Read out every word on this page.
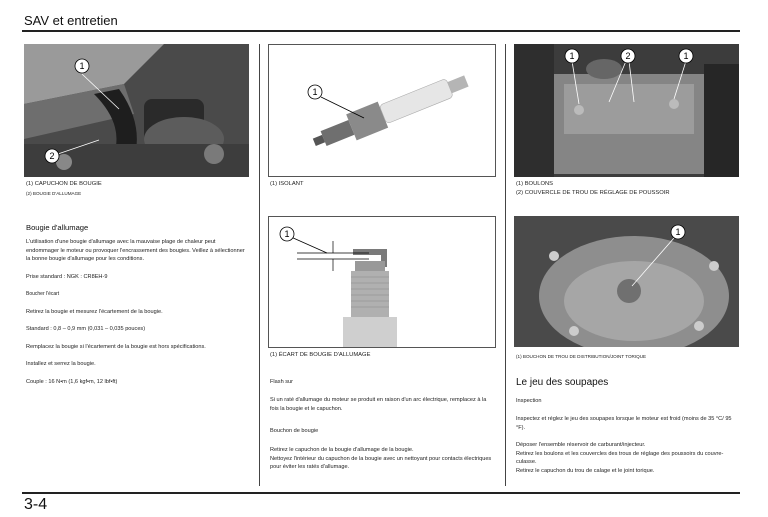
SAV et entretien
1
2
(1) CAPUCHON DE BOUGIE
(2) BOUGIE D'ALLUMAGE
Bougie d'allumage

L'utilisation d'une bougie d'allumage avec la mauvaise plage de chaleur peut endommager le moteur ou provoquer l'encrassement des bougies. Veillez à sélectionner la bonne bougie d'allumage pour les conditions.

Prise standard : NGK : CR8EH-9

Boucher l'écart

Retirez la bougie et mesurez l'écartement de la bougie.

Standard : 0,8 – 0,9 mm (0,031 – 0,035 pouces)

Remplacez la bougie si l'écartement de la bougie est hors spécifications.

Installez et serrez la bougie.

Couple : 16 N•m (1,6 kgf•m, 12 lbf•ft)

1
(1) ISOLANT
1
(1) ÉCART DE BOUGIE D'ALLUMAGE
Flash sur
Si un raté d'allumage du moteur se produit en raison d'un arc électrique, remplacez à la fois la bougie et le capuchon.
Bouchon de bougie
Retirez le capuchon de la bougie d'allumage de la bougie.
Nettoyez l'intérieur du capuchon de la bougie avec un nettoyant pour contacts électriques pour éviter les ratés d'allumage.
1	2	1
(1) BOULONS
(2) COUVERCLE DE TROU DE RÉGLAGE DE POUSSOIR
1
(1) BOUCHON DE TROU DE DISTRIBUTION/JOINT TORIQUE
Le jeu des soupapes
Inspection

Inspectez et réglez le jeu des soupapes lorsque le moteur est froid (moins de 35 °C/ 95 °F).

Déposer l'ensemble réservoir de carburant/injecteur.
Retirez les boulons et les couvercles des trous de réglage des poussoirs du couvre-culasse.
Retirez le capuchon du trou de calage et le joint torique.
3-4
